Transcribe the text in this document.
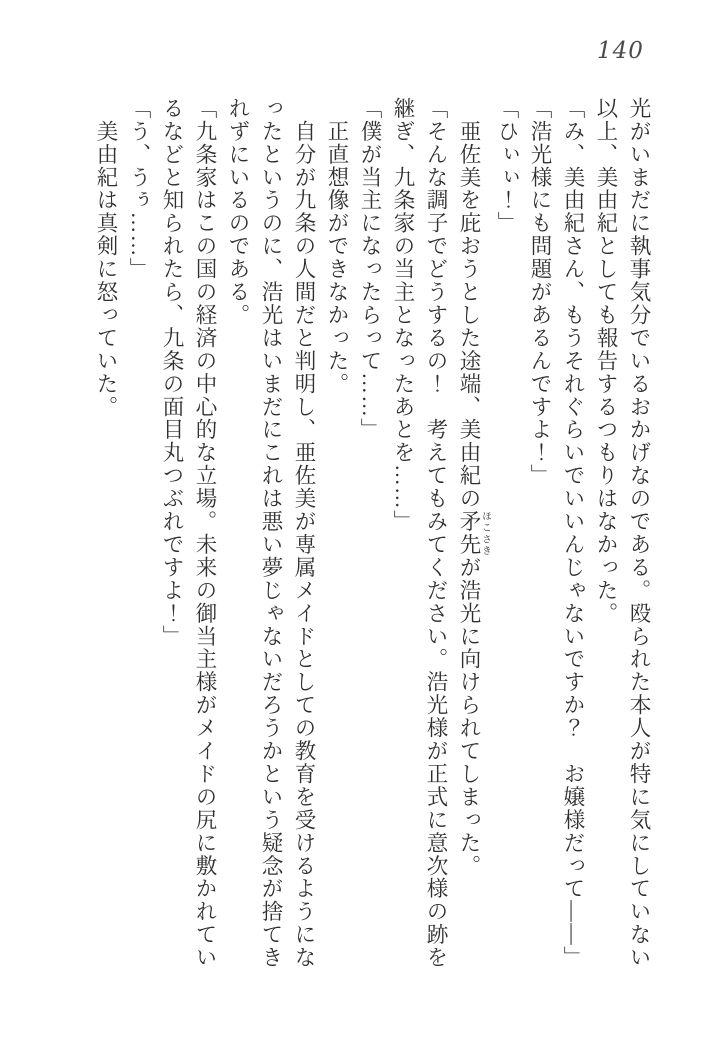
140

光がいまだに執事気分でいるおかげなのである。殴られた本人が特に気にしていない

以上、美由紀としても報告するつもりはなかった。

「み、美由紀さん、もうそれぐらいでいいんじゃないですか？　お嬢様だって――」

「浩光様にも問題があるんですよ！」

「ひぃぃ！」

　亜佐美を庇おうとした途端、美由紀の矛先 ほこさきが浩光に向けられてしまった。

「そんな調子でどうするの！　考えてもみてください。浩光様が正式に意次様の跡を

継ぎ、九条家の当主となったあとを……」

「僕が当主になったらって……」

　正直想像ができなかった。

　自分が九条の人間だと判明し、亜佐美が専属メイドとしての教育を受けるようにな

ったというのに、浩光はいまだにこれは悪い夢じゃないだろうかという疑念が捨てき

れずにいるのである。

「九条家はこの国の経済の中心的な立場。未来の御当主様がメイドの尻に敷かれてい

るなどと知られたら、九条の面目丸つぶれですよ！」

「う、うぅ……」

　美由紀は真剣に怒っていた。
